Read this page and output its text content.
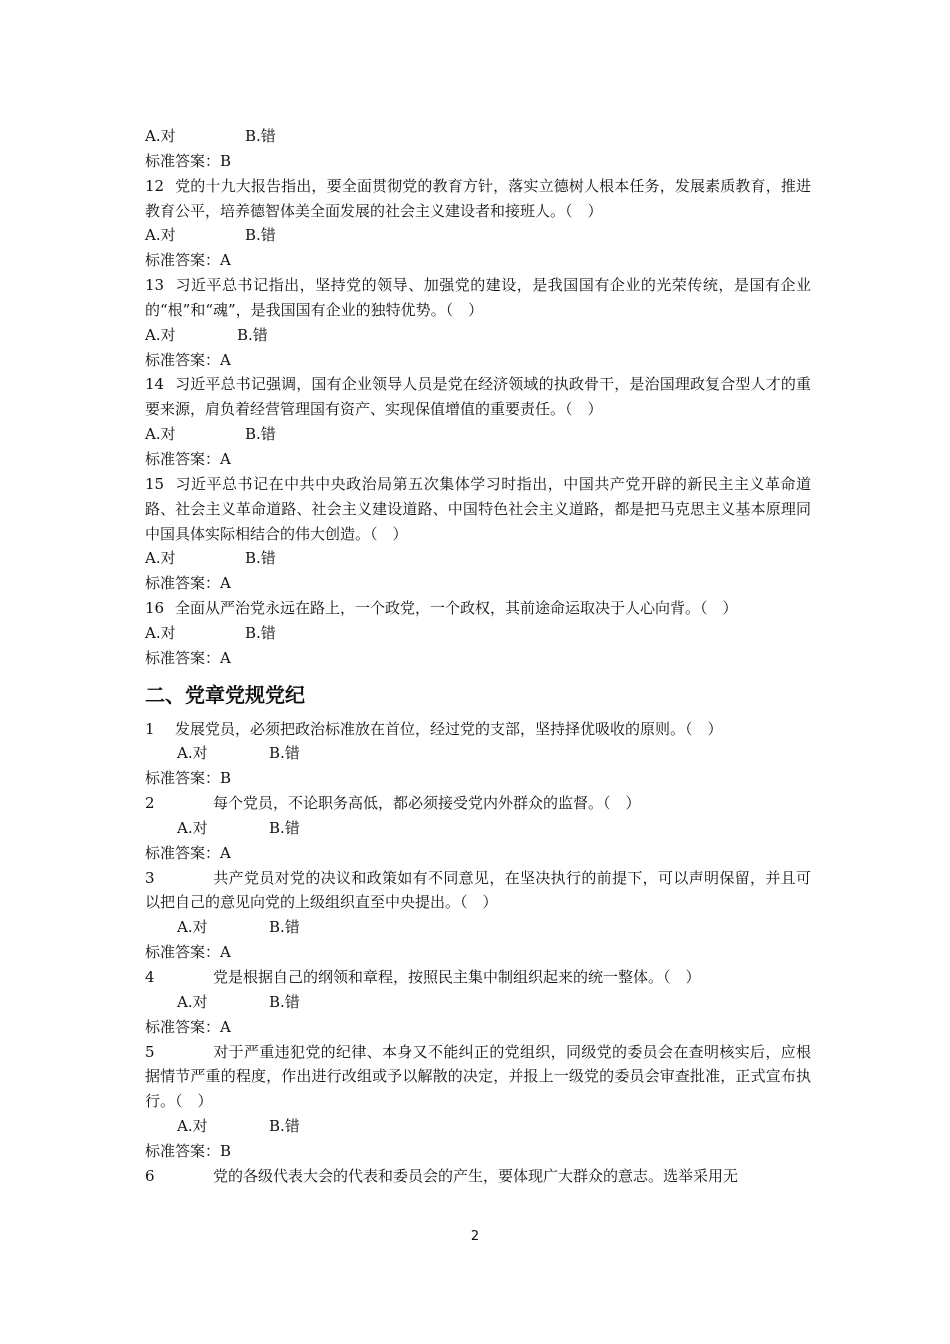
A.对	B.错
标准答案：B
12 党的十九大报告指出，要全面贯彻党的教育方针，落实立德树人根本任务，发展素质教育，推进教育公平，培养德智体美全面发展的社会主义建设者和接班人。（　）
A.对	B.错
标准答案：A
13 习近平总书记指出，坚持党的领导、加强党的建设，是我国国有企业的光荣传统，是国有企业的“根”和“魂”，是我国国有企业的独特优势。（　）
A.对	B.错
标准答案：A
14 习近平总书记强调，国有企业领导人员是党在经济领域的执政骨干，是治国理政复合型人才的重要来源，肩负着经营管理国有资产、实现保值增值的重要责任。（　）
A.对	B.错
标准答案：A
15 习近平总书记在中共中央政治局第五次集体学习时指出，中国共产党开辟的新民主主义革命道路、社会主义革命道路、社会主义建设道路、中国特色社会主义道路，都是把马克思主义基本原理同中国具体实际相结合的伟大创造。（　）
A.对	B.错
标准答案：A
16 全面从严治党永远在路上，一个政党，一个政权，其前途命运取决于人心向背。（　）
A.对	B.错
标准答案：A
二、党章党规党纪
1 发展党员，必须把政治标准放在首位，经过党的支部，坚持择优吸收的原则。（　）
A.对	B.错
标准答案：B
2	每个党员，不论职务高低，都必须接受党内外群众的监督。（　）
A.对	B.错
标准答案：A
3	共产党员对党的决议和政策如有不同意见，在坚决执行的前提下，可以声明保留，并且可以把自己的意见向党的上级组织直至中央提出。（　）
A.对	B.错
标准答案：A
4	党是根据自己的纲领和章程，按照民主集中制组织起来的统一整体。（　）
A.对	B.错
标准答案：A
5	对于严重违犯党的纪律、本身又不能纠正的党组织，同级党的委员会在查明核实后，应根据情节严重的程度，作出进行改组或予以解散的决定，并报上一级党的委员会审查批准，正式宣布执行。（　）
A.对	B.错
标准答案：B
6	党的各级代表大会的代表和委员会的产生，要体现广大群众的意志。选举采用无
2
